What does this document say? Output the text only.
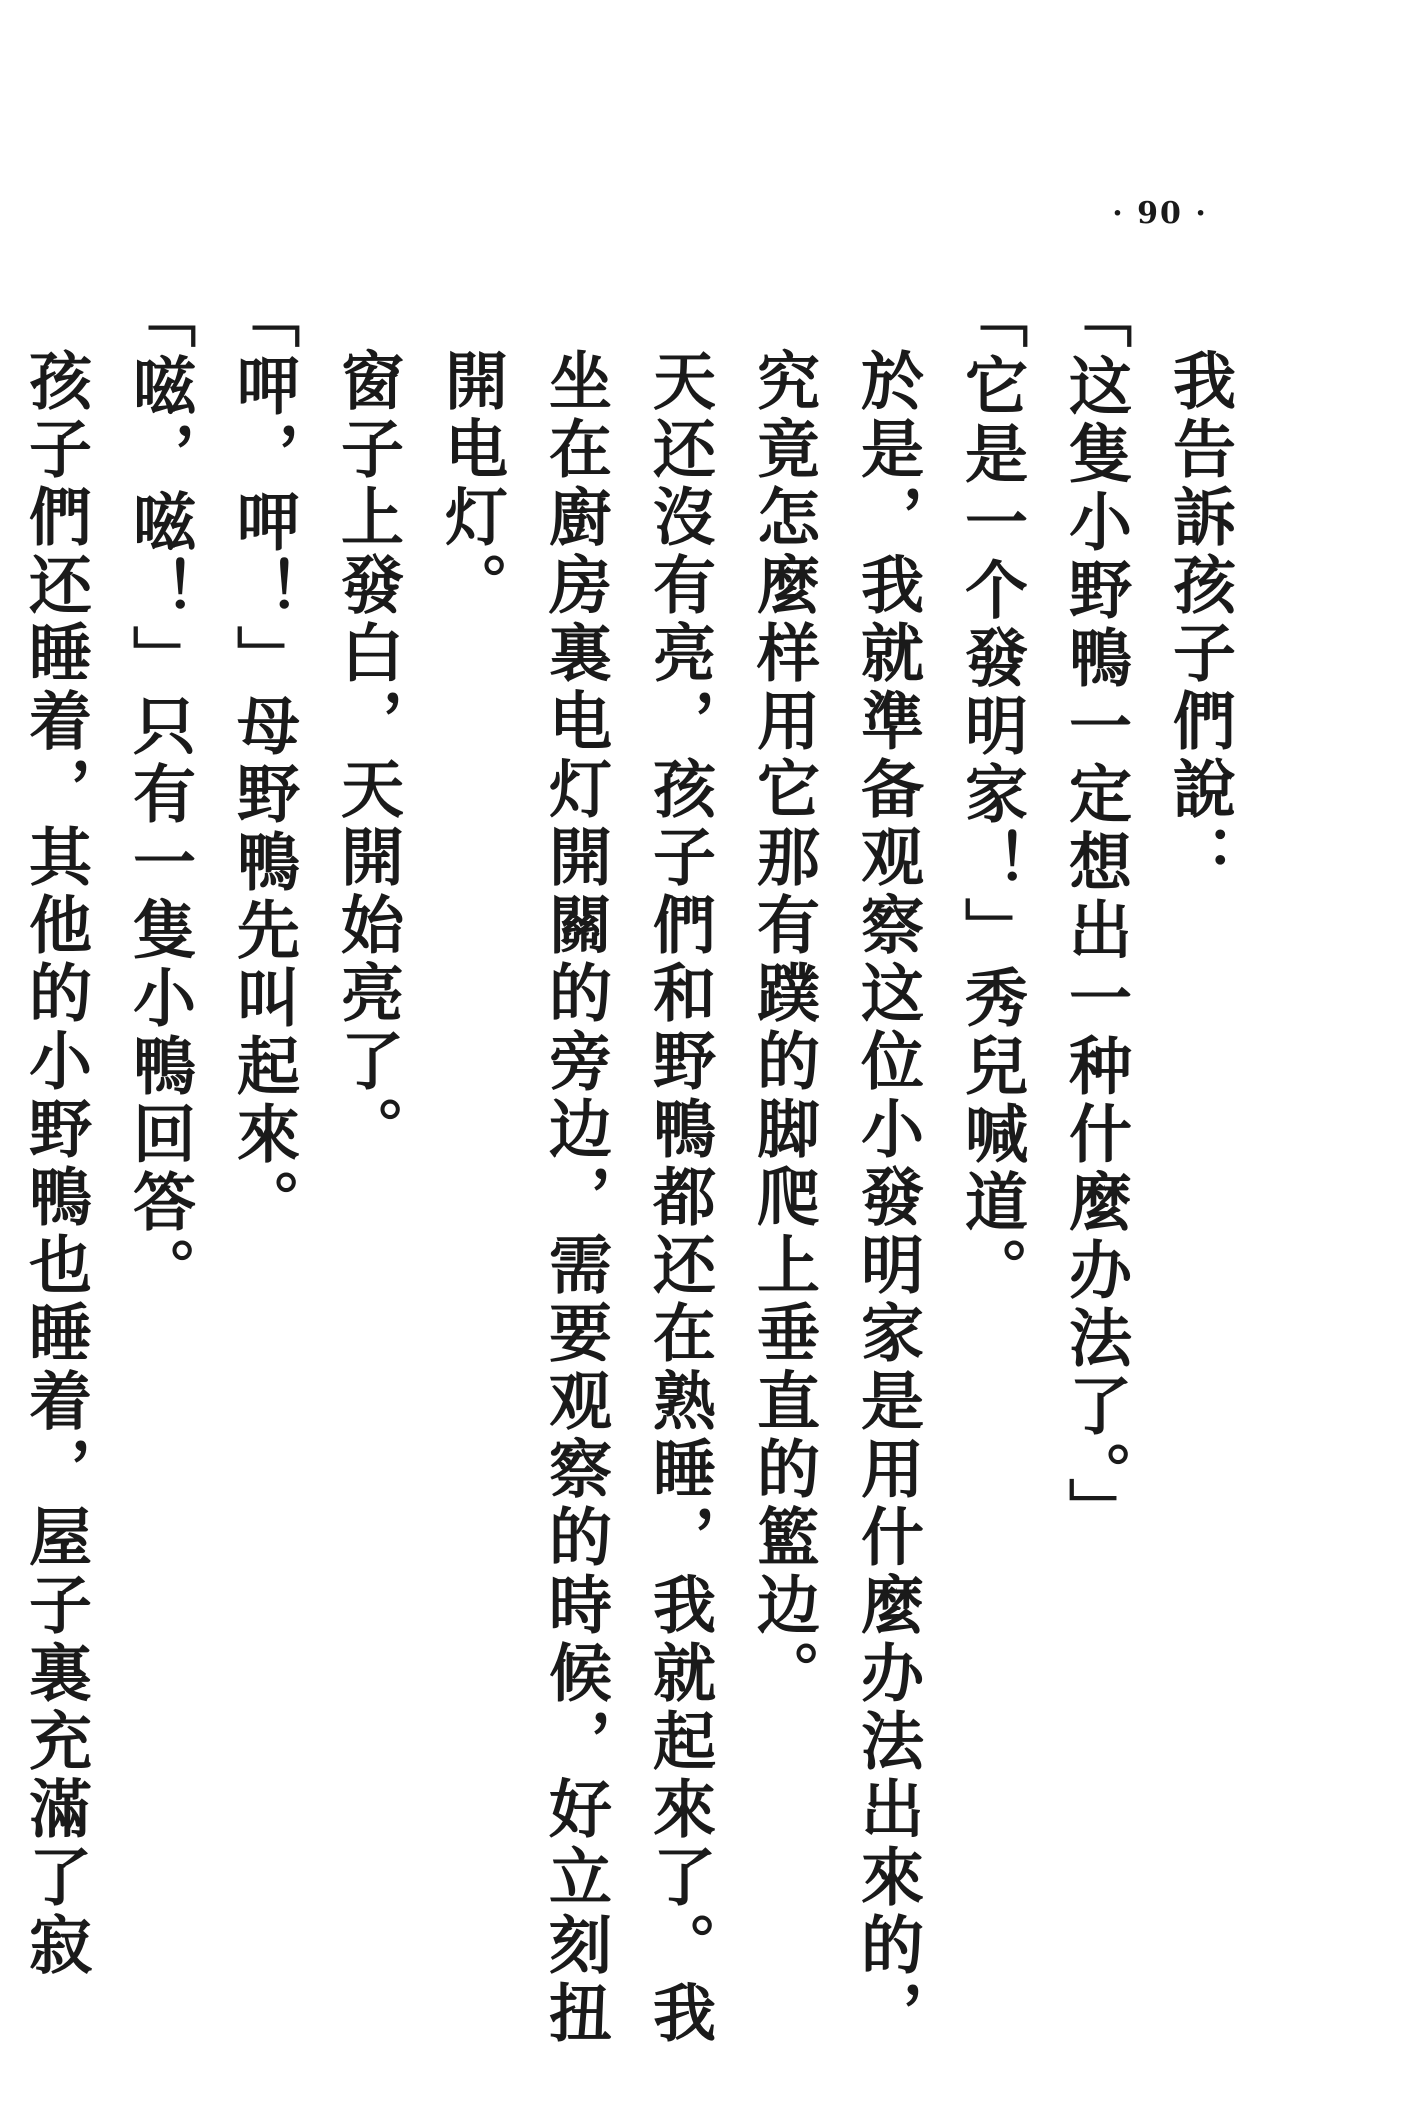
· 90 ·

我告訴孩子們說：

「这隻小野鴨一定想出一种什麼办法了。」

「它是一个發明家！」秀兒喊道。

於是，我就準备观察这位小發明家是用什麼办法出來的，究竟怎麼样用它那有蹼的脚爬上垂直的籃边。

天还沒有亮，孩子們和野鴨都还在熟睡，我就起來了。我坐在廚房裏电灯開關的旁边，需要观察的時候，好立刻扭開电灯。

窗子上發白，天開始亮了。

「呷，呷！」母野鴨先叫起來。

「嗞，嗞！」只有一隻小鴨回答。

孩子們还睡着，其他的小野鴨也睡着，屋子裏充滿了寂
